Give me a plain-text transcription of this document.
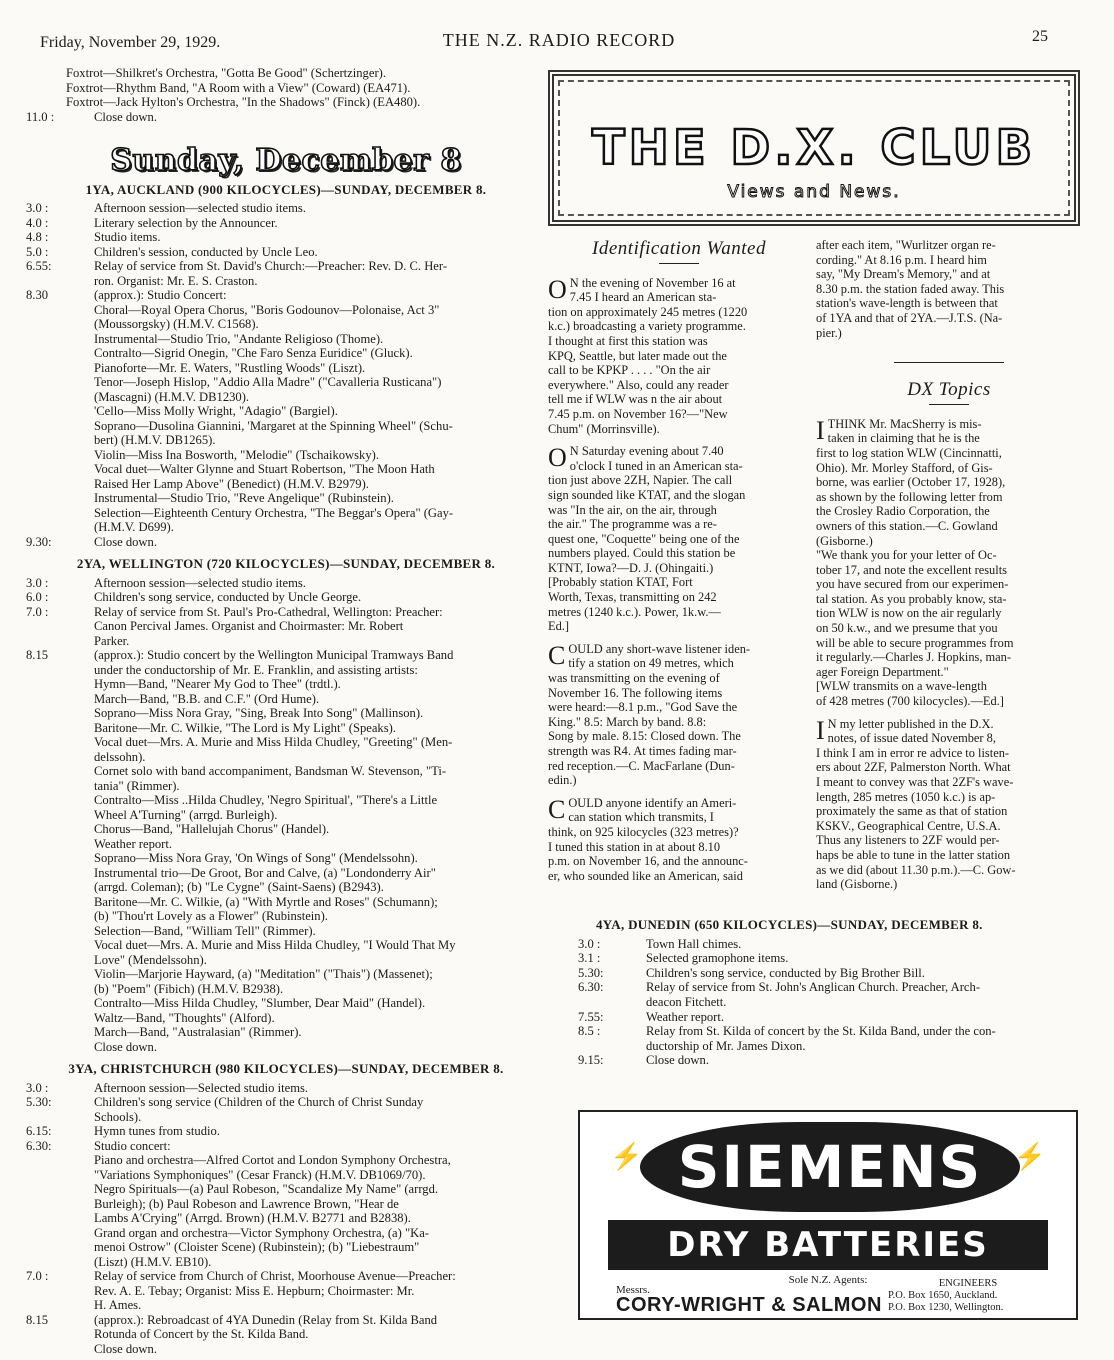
Friday, November 29, 1929.	THE N.Z. RADIO RECORD	25
Foxtrot—Shilkret's Orchestra, "Gotta Be Good" (Schertzinger).
Foxtrot—Rhythm Band, "A Room with a View" (Coward) (EA471).
Foxtrot—Jack Hylton's Orchestra, "In the Shadows" (Finck) (EA480).
11.0 :	Close down.
Sunday, December 8
1YA, AUCKLAND (900 KILOCYCLES)—SUNDAY, DECEMBER 8.
3.0 :	Afternoon session—selected studio items.
4.0 :	Literary selection by the Announcer.
4.8 :	Studio items.
5.0 :	Children's session, conducted by Uncle Leo.
6.55:	Relay of service from St. David's Church:—Preacher: Rev. D. C. Her-
ron. Organist: Mr. E. S. Craston.
8.30	(approx.): Studio Concert:
Choral—Royal Opera Chorus, "Boris Godounov—Polonaise, Act 3"
(Moussorgsky) (H.M.V. C1568).
Instrumental—Studio Trio, "Andante Religioso (Thome).
Contralto—Sigrid Onegin, "Che Faro Senza Euridice" (Gluck).
Pianoforte—Mr. E. Waters, "Rustling Woods" (Liszt).
Tenor—Joseph Hislop, "Addio Alla Madre" ("Cavalleria Rusticana")
(Mascagni) (H.M.V. DB1230).
'Cello—Miss Molly Wright, "Adagio" (Bargiel).
Soprano—Dusolina Giannini, 'Margaret at the Spinning Wheel" (Schu-
bert) (H.M.V. DB1265).
Violin—Miss Ina Bosworth, "Melodie" (Tschaikowsky).
Vocal duet—Walter Glynne and Stuart Robertson, "The Moon Hath
Raised Her Lamp Above" (Benedict) (H.M.V. B2979).
Instrumental—Studio Trio, "Reve Angelique" (Rubinstein).
Selection—Eighteenth Century Orchestra, "The Beggar's Opera" (Gay-
(H.M.V. D699).
9.30:	Close down.
2YA, WELLINGTON (720 KILOCYCLES)—SUNDAY, DECEMBER 8.
3.0 :	Afternoon session—selected studio items.
6.0 :	Children's song service, conducted by Uncle George.
7.0 :	Relay of service from St. Paul's Pro-Cathedral, Wellington: Preacher:
Canon Percival James. Organist and Choirmaster: Mr. Robert
Parker.
8.15	(approx.): Studio concert by the Wellington Municipal Tramways Band
under the conductorship of Mr. E. Franklin, and assisting artists:
Hymn—Band, "Nearer My God to Thee" (trdtl.).
March—Band, "B.B. and C.F." (Ord Hume).
Soprano—Miss Nora Gray, "Sing, Break Into Song" (Mallinson).
Baritone—Mr. C. Wilkie, "The Lord is My Light" (Speaks).
Vocal duet—Mrs. A. Murie and Miss Hilda Chudley, "Greeting" (Men-
delssohn).
Cornet solo with band accompaniment, Bandsman W. Stevenson, "Ti-
tania" (Rimmer).
Contralto—Miss ..Hilda Chudley, 'Negro Spiritual', "There's a Little
Wheel A'Turning" (arrgd. Burleigh).
Chorus—Band, "Hallelujah Chorus" (Handel).
Weather report.
Soprano—Miss Nora Gray, 'On Wings of Song" (Mendelssohn).
Instrumental trio—De Groot, Bor and Calve, (a) "Londonderry Air"
(arrgd. Coleman); (b) "Le Cygne" (Saint-Saens) (B2943).
Baritone—Mr. C. Wilkie, (a) "With Myrtle and Roses" (Schumann);
(b) "Thou'rt Lovely as a Flower" (Rubinstein).
Selection—Band, "William Tell" (Rimmer).
Vocal duet—Mrs. A. Murie and Miss Hilda Chudley, "I Would That My
Love" (Mendelssohn).
Violin—Marjorie Hayward, (a) "Meditation" ("Thais") (Massenet);
(b) "Poem" (Fibich) (H.M.V. B2938).
Contralto—Miss Hilda Chudley, "Slumber, Dear Maid" (Handel).
Waltz—Band, "Thoughts" (Alford).
March—Band, "Australasian" (Rimmer).
Close down.
3YA, CHRISTCHURCH (980 KILOCYCLES)—SUNDAY, DECEMBER 8.
3.0 :	Afternoon session—Selected studio items.
5.30:	Children's song service (Children of the Church of Christ Sunday
Schools).
6.15:	Hymn tunes from studio.
6.30:	Studio concert:
Piano and orchestra—Alfred Cortot and London Symphony Orchestra,
"Variations Symphoniques" (Cesar Franck) (H.M.V. DB1069/70).
Negro Spirituals—(a) Paul Robeson, "Scandalize My Name" (arrgd.
Burleigh); (b) Paul Robeson and Lawrence Brown, "Hear de
Lambs A'Crying" (Arrgd. Brown) (H.M.V. B2771 and B2838).
Grand organ and orchestra—Victor Symphony Orchestra, (a) "Ka-
menoi Ostrow" (Cloister Scene) (Rubinstein); (b) "Liebestraum"
(Liszt) (H.M.V. EB10).
7.0 :	Relay of service from Church of Christ, Moorhouse Avenue—Preacher:
Rev. A. E. Tebay; Organist: Miss E. Hepburn; Choirmaster: Mr.
H. Ames.
8.15	(approx.): Rebroadcast of 4YA Dunedin (Relay from St. Kilda Band
Rotunda of Concert by the St. Kilda Band.
Close down.
THE D.X. CLUB
Views and News.
Identification Wanted
O N the evening of November 16 at
7.45 I heard an American sta-
tion on approximately 245 metres (1220
k.c.) broadcasting a variety programme.
I thought at first this station was
KPQ, Seattle, but later made out the
call to be KPKP . . . . "On the air
everywhere." Also, could any reader
tell me if WLW was n the air about
7.45 p.m. on November 16?—"New
Chum" (Morrinsville).
O N Saturday evening about 7.40
o'clock I tuned in an American sta-
tion just above 2ZH, Napier. The call
sign sounded like KTAT, and the slogan
was "In the air, on the air, through
the air." The programme was a re-
quest one, "Coquette" being one of the
numbers played. Could this station be
KTNT, Iowa?—D. J. (Ohingaiti.)
[Probably station KTAT, Fort
Worth, Texas, transmitting on 242
metres (1240 k.c.). Power, 1k.w.—
Ed.]
C OULD any short-wave listener iden-
tify a station on 49 metres, which
was transmitting on the evening of
November 16. The following items
were heard:—8.1 p.m., "God Save the
King." 8.5: March by band. 8.8:
Song by male. 8.15: Closed down. The
strength was R4. At times fading mar-
red reception.—C. MacFarlane (Dun-
edin.)
C OULD anyone identify an Ameri-
can station which transmits, I
think, on 925 kilocycles (323 metres)?
I tuned this station in at about 8.10
p.m. on November 16, and the announc-
er, who sounded like an American, said
after each item, "Wurlitzer organ re-
cording." At 8.16 p.m. I heard him
say, "My Dream's Memory," and at
8.30 p.m. the station faded away. This
station's wave-length is between that
of 1YA and that of 2YA.—J.T.S. (Na-
pier.)
DX Topics
I THINK Mr. MacSherry is mis-
taken in claiming that he is the
first to log station WLW (Cincinnatti,
Ohio). Mr. Morley Stafford, of Gis-
borne, was earlier (October 17, 1928),
as shown by the following letter from
the Crosley Radio Corporation, the
owners of this station.—C. Gowland
(Gisborne.)
"We thank you for your letter of Oc-
tober 17, and note the excellent results
you have secured from our experimen-
tal station. As you probably know, sta-
tion WLW is now on the air regularly
on 50 k.w., and we presume that you
will be able to secure programmes from
it regularly.—Charles J. Hopkins, man-
ager Foreign Department."
[WLW transmits on a wave-length
of 428 metres (700 kilocycles).—Ed.]
I N my letter published in the D.X.
notes, of issue dated November 8,
I think I am in error re advice to listen-
ers about 2ZF, Palmerston North. What
I meant to convey was that 2ZF's wave-
length, 285 metres (1050 k.c.) is ap-
proximately the same as that of station
KSKV., Geographical Centre, U.S.A.
Thus any listeners to 2ZF would per-
haps be able to tune in the latter station
as we did (about 11.30 p.m.).—C. Gow-
land (Gisborne.)
4YA, DUNEDIN (650 KILOCYCLES)—SUNDAY, DECEMBER 8.
3.0 :	Town Hall chimes.
3.1 :	Selected gramophone items.
5.30:	Children's song service, conducted by Big Brother Bill.
6.30:	Relay of service from St. John's Anglican Church. Preacher, Arch-
deacon Fitchett.
7.55:	Weather report.
8.5 :	Relay from St. Kilda of concert by the St. Kilda Band, under the con-
ductorship of Mr. James Dixon.
9.15:	Close down.
⚡ SIEMENS	⚡
DRY BATTERIES
Sole N.Z. Agents:
Messrs.
CORY-WRIGHT & SALMON
ENGINEERS
P.O. Box 1650, Auckland.
P.O. Box 1230, Wellington.
